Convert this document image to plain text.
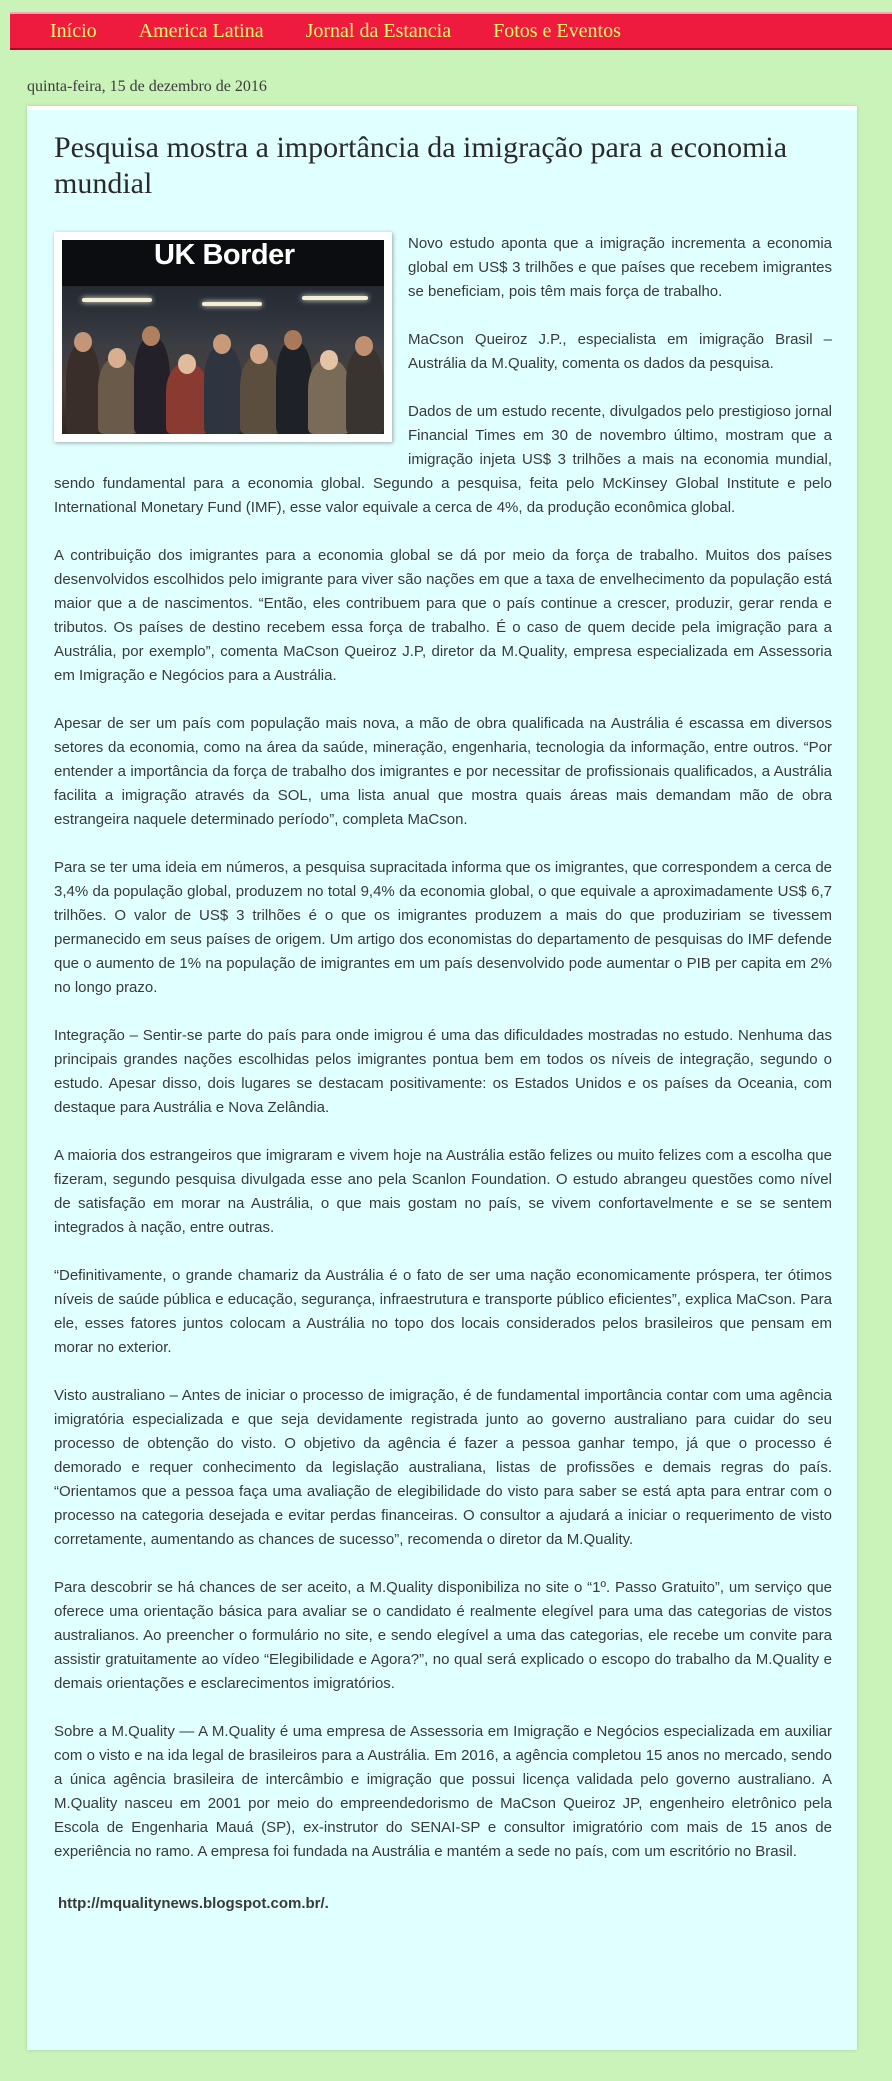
Início America Latina Jornal da Estancia Fotos e Eventos
quinta-feira, 15 de dezembro de 2016
Pesquisa mostra a importância da imigração para a economia mundial
UK Border	Novo estudo aponta que a imigração incrementa a economia global em US$ 3 trilhões e que países que recebem imigrantes se beneficiam, pois têm mais força de trabalho.

MaCson Queiroz J.P., especialista em imigração Brasil – Austrália da M.Quality, comenta os dados da pesquisa.

Dados de um estudo recente, divulgados pelo prestigioso jornal Financial Times em 30 de novembro último, mostram que a imigração injeta US$ 3 trilhões a mais na economia mundial, sendo fundamental para a economia global. Segundo a pesquisa, feita pelo McKinsey Global Institute e pelo International Monetary Fund (IMF), esse valor equivale a cerca de 4%, da produção econômica global.

A contribuição dos imigrantes para a economia global se dá por meio da força de trabalho. Muitos dos países desenvolvidos escolhidos pelo imigrante para viver são nações em que a taxa de envelhecimento da população está maior que a de nascimentos. “Então, eles contribuem para que o país continue a crescer, produzir, gerar renda e tributos. Os países de destino recebem essa força de trabalho. É o caso de quem decide pela imigração para a Austrália, por exemplo”, comenta MaCson Queiroz J.P, diretor da M.Quality, empresa especializada em Assessoria em Imigração e Negócios para a Austrália.

Apesar de ser um país com população mais nova, a mão de obra qualificada na Austrália é escassa em diversos setores da economia, como na área da saúde, mineração, engenharia, tecnologia da informação, entre outros. “Por entender a importância da força de trabalho dos imigrantes e por necessitar de profissionais qualificados, a Austrália facilita a imigração através da SOL, uma lista anual que mostra quais áreas mais demandam mão de obra estrangeira naquele determinado período”, completa MaCson.

Para se ter uma ideia em números, a pesquisa supracitada informa que os imigrantes, que correspondem a cerca de 3,4% da população global, produzem no total 9,4% da economia global, o que equivale a aproximadamente US$ 6,7 trilhões. O valor de US$ 3 trilhões é o que os imigrantes produzem a mais do que produziriam se tivessem permanecido em seus países de origem. Um artigo dos economistas do departamento de pesquisas do IMF defende que o aumento de 1% na população de imigrantes em um país desenvolvido pode aumentar o PIB per capita em 2% no longo prazo.

Integração – Sentir-se parte do país para onde imigrou é uma das dificuldades mostradas no estudo. Nenhuma das principais grandes nações escolhidas pelos imigrantes pontua bem em todos os níveis de integração, segundo o estudo. Apesar disso, dois lugares se destacam positivamente: os Estados Unidos e os países da Oceania, com destaque para Austrália e Nova Zelândia.

A maioria dos estrangeiros que imigraram e vivem hoje na Austrália estão felizes ou muito felizes com a escolha que fizeram, segundo pesquisa divulgada esse ano pela Scanlon Foundation. O estudo abrangeu questões como nível de satisfação em morar na Austrália, o que mais gostam no país, se vivem confortavelmente e se se sentem integrados à nação, entre outras.

“Definitivamente, o grande chamariz da Austrália é o fato de ser uma nação economicamente próspera, ter ótimos níveis de saúde pública e educação, segurança, infraestrutura e transporte público eficientes”, explica MaCson. Para ele, esses fatores juntos colocam a Austrália no topo dos locais considerados pelos brasileiros que pensam em morar no exterior.

Visto australiano – Antes de iniciar o processo de imigração, é de fundamental importância contar com uma agência imigratória especializada e que seja devidamente registrada junto ao governo australiano para cuidar do seu processo de obtenção do visto. O objetivo da agência é fazer a pessoa ganhar tempo, já que o processo é demorado e requer conhecimento da legislação australiana, listas de profissões e demais regras do país. “Orientamos que a pessoa faça uma avaliação de elegibilidade do visto para saber se está apta para entrar com o processo na categoria desejada e evitar perdas financeiras. O consultor a ajudará a iniciar o requerimento de visto corretamente, aumentando as chances de sucesso”, recomenda o diretor da M.Quality.

Para descobrir se há chances de ser aceito, a M.Quality disponibiliza no site o “1º. Passo Gratuito”, um serviço que oferece uma orientação básica para avaliar se o candidato é realmente elegível para uma das categorias de vistos australianos. Ao preencher o formulário no site, e sendo elegível a uma das categorias, ele recebe um convite para assistir gratuitamente ao vídeo “Elegibilidade e Agora?”, no qual será explicado o escopo do trabalho da M.Quality e demais orientações e esclarecimentos imigratórios.

Sobre a M.Quality — A M.Quality é uma empresa de Assessoria em Imigração e Negócios especializada em auxiliar com o visto e na ida legal de brasileiros para a Austrália. Em 2016, a agência completou 15 anos no mercado, sendo a única agência brasileira de intercâmbio e imigração que possui licença validada pelo governo australiano. A M.Quality nasceu em 2001 por meio do empreendedorismo de MaCson Queiroz JP, engenheiro eletrônico pela Escola de Engenharia Mauá (SP), ex-instrutor do SENAI-SP e consultor imigratório com mais de 15 anos de experiência no ramo. A empresa foi fundada na Austrália e mantém a sede no país, com um escritório no Brasil.

http://mqualitynews.blogspot.com.br/.
